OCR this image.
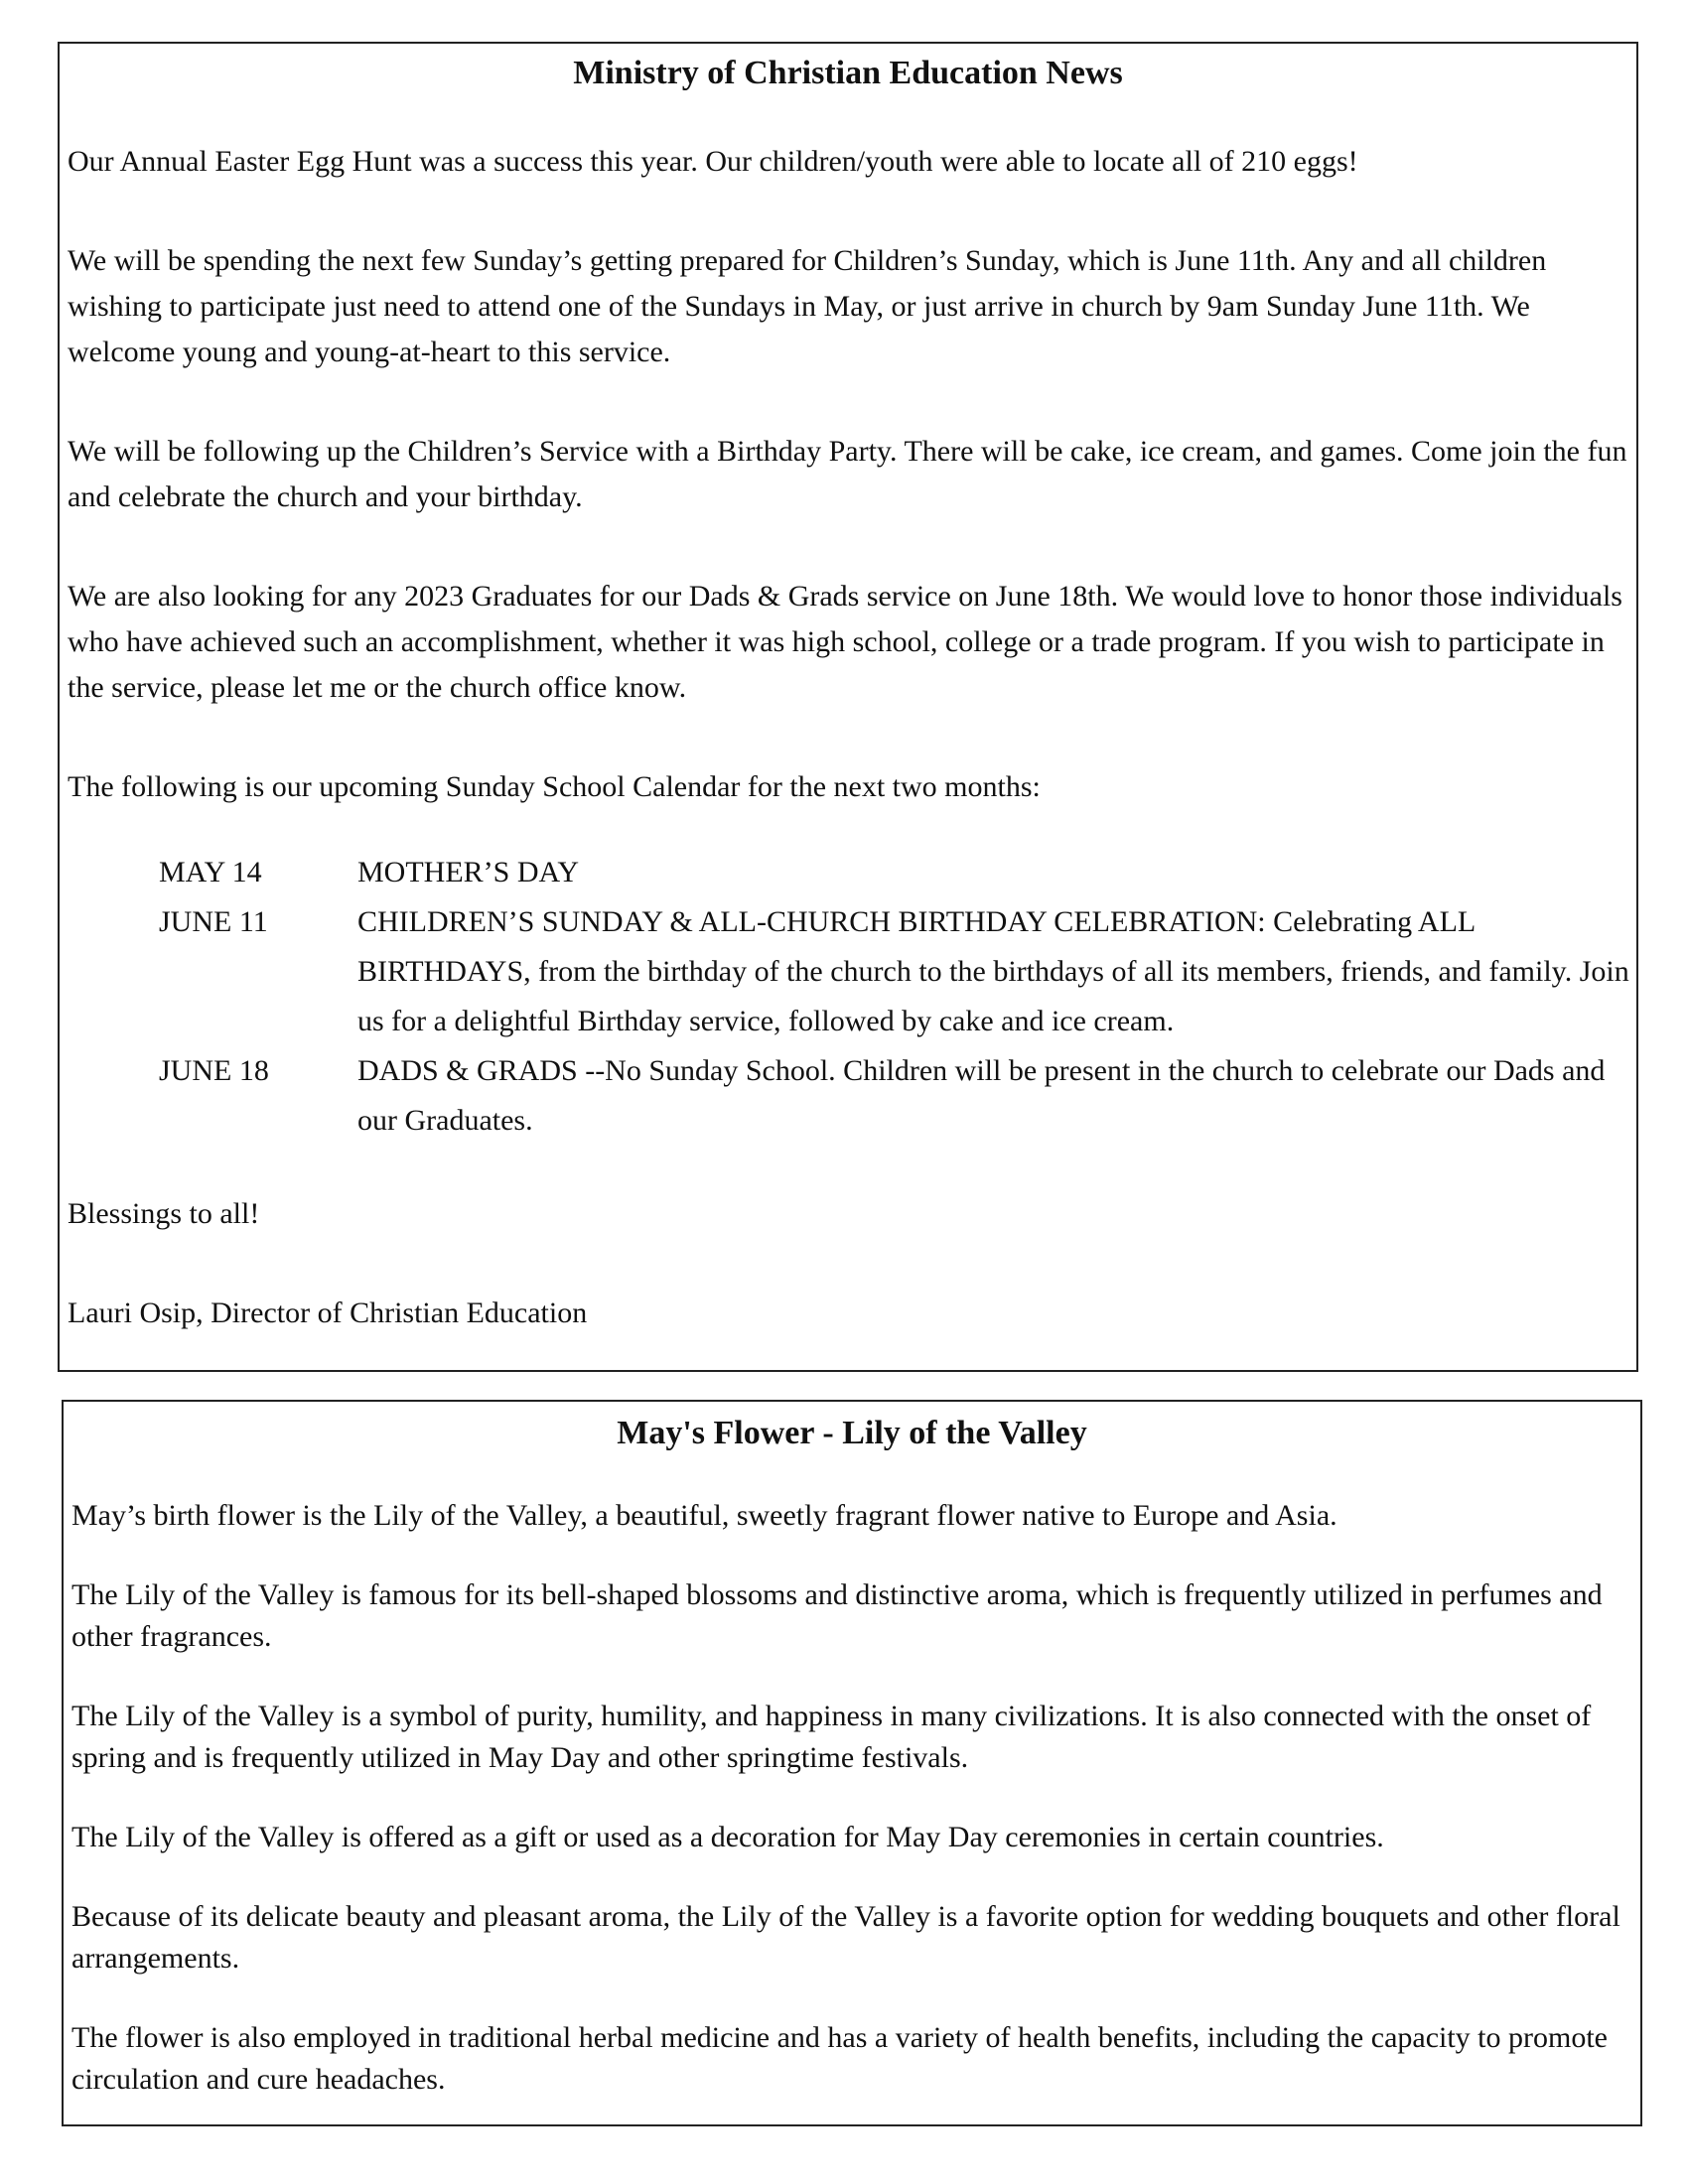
Ministry of Christian Education News

Our Annual Easter Egg Hunt was a success this year. Our children/youth were able to locate all of 210 eggs!

We will be spending the next few Sunday’s getting prepared for Children’s Sunday, which is June 11th. Any and all children wishing to participate just need to attend one of the Sundays in May, or just arrive in church by 9am Sunday June 11th. We welcome young and young-at-heart to this service.

We will be following up the Children’s Service with a Birthday Party. There will be cake, ice cream, and games. Come join the fun and celebrate the church and your birthday.

We are also looking for any 2023 Graduates for our Dads & Grads service on June 18th. We would love to honor those individuals who have achieved such an accomplishment, whether it was high school, college or a trade program. If you wish to participate in the service, please let me or the church office know.

The following is our upcoming Sunday School Calendar for the next two months:

MAY 14	MOTHER’S DAY
JUNE 11	CHILDREN’S SUNDAY & ALL-CHURCH BIRTHDAY CELEBRATION: Celebrating ALL BIRTHDAYS, from the birthday of the church to the birthdays of all its members, friends, and family. Join us for a delightful Birthday service, followed by cake and ice cream.
JUNE 18	DADS & GRADS --No Sunday School. Children will be present in the church to celebrate our Dads and our Graduates.

Blessings to all!

Lauri Osip, Director of Christian Education

May's Flower - Lily of the Valley

May’s birth flower is the Lily of the Valley, a beautiful, sweetly fragrant flower native to Europe and Asia.

The Lily of the Valley is famous for its bell-shaped blossoms and distinctive aroma, which is frequently utilized in perfumes and other fragrances.

The Lily of the Valley is a symbol of purity, humility, and happiness in many civilizations. It is also connected with the onset of spring and is frequently utilized in May Day and other springtime festivals.

The Lily of the Valley is offered as a gift or used as a decoration for May Day ceremonies in certain countries.

Because of its delicate beauty and pleasant aroma, the Lily of the Valley is a favorite option for wedding bouquets and other floral arrangements.

The flower is also employed in traditional herbal medicine and has a variety of health benefits, including the capacity to promote circulation and cure headaches.
